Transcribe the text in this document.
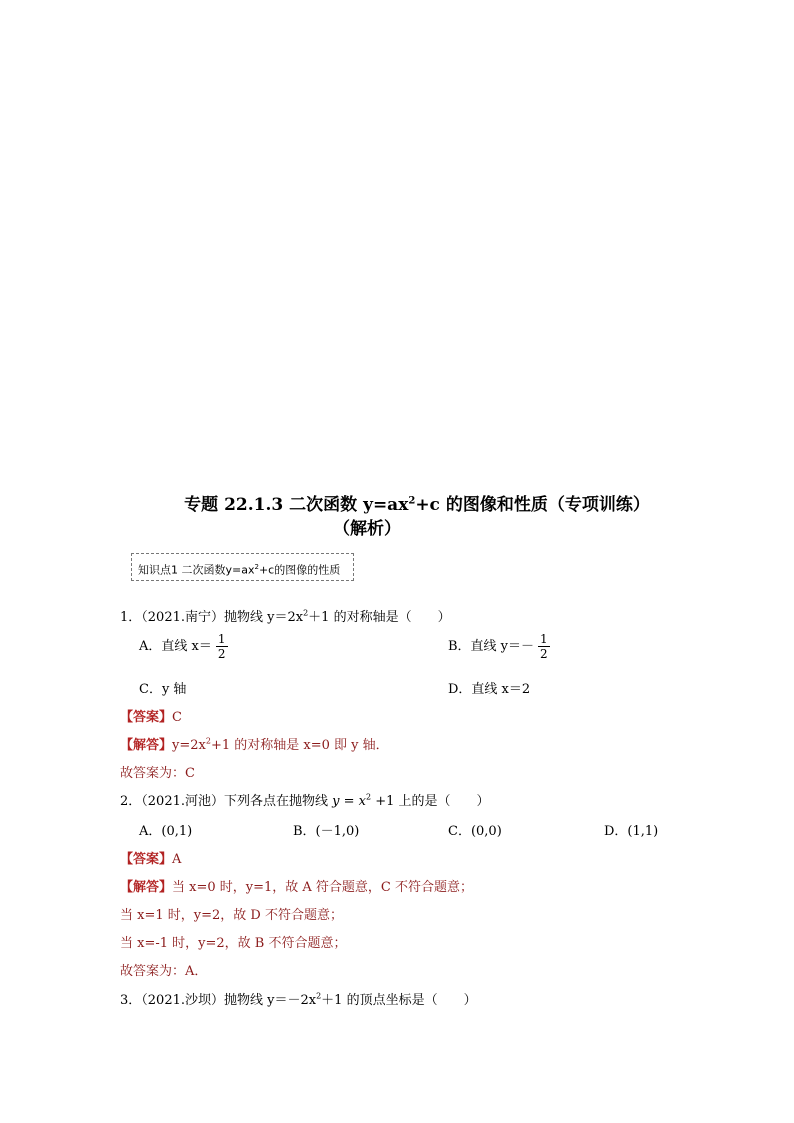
专题 22.1.3 二次函数 $y=ax^2+c$ 的图像和性质（专项训练）
（解析）
知识点1 二次函数$y=ax^2+c$的图像的性质
1．（2021.南宁）抛物线 $y=2x^2+1$ 的对称轴是（　　）
A．直线 $x= \frac{1}{2}$	B．直线 $y=- \frac{1}{2}$
C．y 轴	D．直线 x＝2
【答案】C
【解答】$y=2x^2+1$ 的对称轴是 x=0 即 y 轴．
故答案为：C
2．（2021.河池）下列各点在抛物线 $y = x^2 +1$ 上的是（　　）
A．(0,1)	B．(－1,0)	C．(0,0)	D．(1,1)
【答案】A
【解答】当 x=0 时，y=1，故 A 符合题意，C 不符合题意；
当 x=1 时，y=2，故 D 不符合题意；
当 x=-1 时，y=2，故 B 不符合题意；
故答案为：A．
3．（2021.沙坝）抛物线 $y=-2x^2+1$ 的顶点坐标是（　　）
